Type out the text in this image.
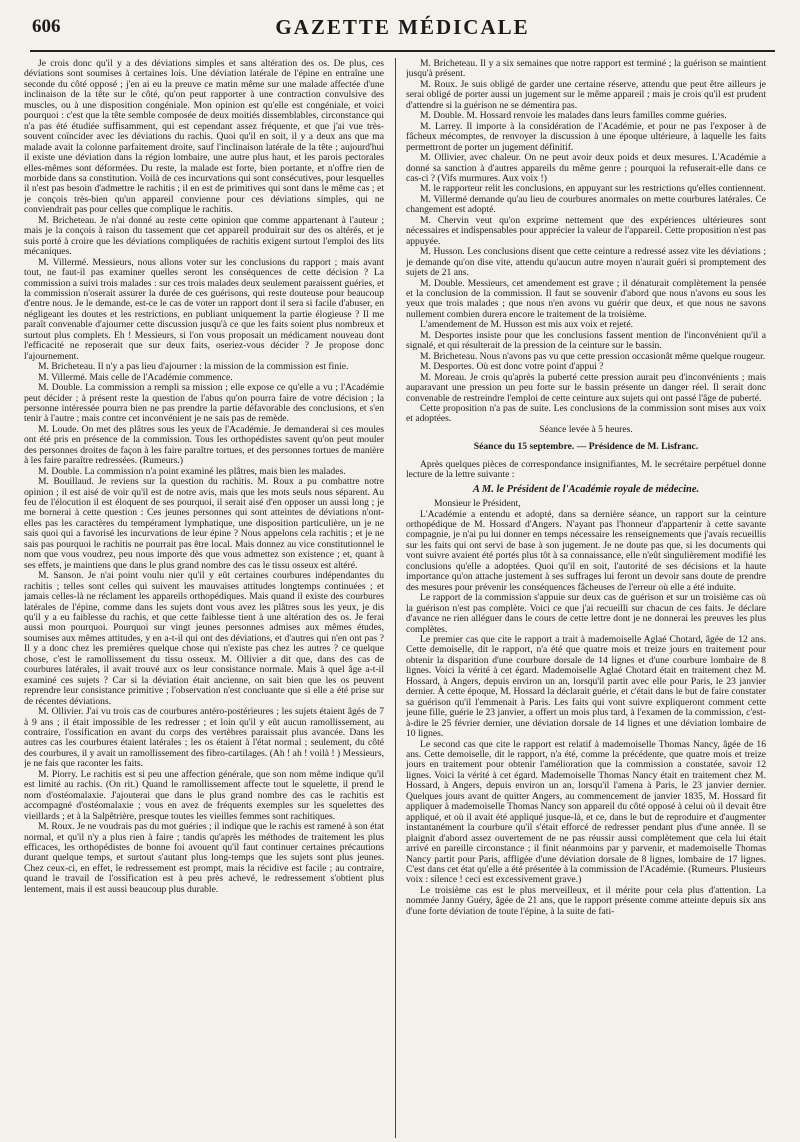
606	GAZETTE MÉDICALE

Je crois donc qu'il y a des déviations simples et sans altération des os. De plus, ces déviations sont soumises à certaines lois. Une déviation latérale de l'épine en entraîne une seconde du côté opposé ; j'en ai eu la preuve ce matin même sur une malade affectée d'une inclinaison de la tête sur le côté, qu'on peut rapporter à une contraction convulsive des muscles, ou à une disposition congéniale. Mon opinion est qu'elle est congéniale, et voici pourquoi : c'est que la tête semble composée de deux moitiés dissemblables, circonstance qui n'a pas été étudiée suffisamment, qui est cependant assez fréquente, et que j'ai vue très-souvent coïncider avec les déviations du rachis. Quoi qu'il en soit, il y a deux ans que ma malade avait la colonne parfaitement droite, sauf l'inclinaison latérale de la tête ; aujourd'hui il existe une déviation dans la région lombaire, une autre plus haut, et les parois pectorales elles-mêmes sont déformées. Du reste, la malade est forte, bien portante, et n'offre rien de morbide dans sa constitution. Voilà de ces incurvations qui sont consécutives, pour lesquelles il n'est pas besoin d'admettre le rachitis ; il en est de primitives qui sont dans le même cas ; et je conçois très-bien qu'un appareil convienne pour ces déviations simples, qui ne conviendrait pas pour celles que complique le rachitis.

M. Bricheteau. Je n'ai donné au reste cette opinion que comme appartenant à l'auteur ; mais je la conçois à raison du tassement que cet appareil produirait sur des os altérés, et je suis porté à croire que les déviations compliquées de rachitis exigent surtout l'emploi des lits mécaniques.

M. Villermé. Messieurs, nous allons voter sur les conclusions du rapport ; mais avant tout, ne faut-il pas examiner quelles seront les conséquences de cette décision ? La commission a suivi trois malades : sur ces trois malades deux seulement paraissent guéries, et la commission n'oserait assurer la durée de ces guérisons, qui reste douteuse pour beaucoup d'entre nous. Je le demande, est-ce le cas de voter un rapport dont il sera si facile d'abuser, en négligeant les doutes et les restrictions, en publiant uniquement la partie élogieuse ? Il me paraît convenable d'ajourner cette discussion jusqu'à ce que les faits soient plus nombreux et surtout plus complets. Eh ! Messieurs, si l'on vous proposait un médicament nouveau dont l'efficacité ne reposerait que sur deux faits, oseriez-vous décider ? Je propose donc l'ajournement.

M. Bricheteau. Il n'y a pas lieu d'ajourner : la mission de la commission est finie.

M. Villermé. Mais celle de l'Académie commence.

M. Double. La commission a rempli sa mission ; elle expose ce qu'elle a vu ; l'Académie peut décider ; à présent reste la question de l'abus qu'on pourra faire de votre décision ; la personne intéressée pourra bien ne pas prendre la partie défavorable des conclusions, et s'en tenir à l'autre ; mais contre cet inconvénient je ne sais pas de remède.

M. Loude. On met des plâtres sous les yeux de l'Académie. Je demanderai si ces moules ont été pris en présence de la commission. Tous les orthopédistes savent qu'on peut mouler des personnes droites de façon à les faire paraître tortues, et des personnes tortues de manière à les faire paraître redressées. (Rumeurs.)

M. Double. La commission n'a point examiné les plâtres, mais bien les malades.

M. Bouillaud. Je reviens sur la question du rachitis. M. Roux a pu combattre notre opinion ; il est aisé de voir qu'il est de notre avis, mais que les mots seuls nous séparent. Au feu de l'élocution il est éloquent de ses pourquoi, il serait aisé d'en opposer un aussi long ; je me bornerai à cette question : Ces jeunes personnes qui sont atteintes de déviations n'ont-elles pas les caractères du tempérament lymphatique, une disposition particulière, un je ne sais quoi qui a favorisé les incurvations de leur épine ? Nous appelons cela rachitis ; et je ne sais pas pourquoi le rachitis ne pourrait pas être local. Mais donnez au vice constitutionnel le nom que vous voudrez, peu nous importe dès que vous admettez son existence ; et, quant à ses effets, je maintiens que dans le plus grand nombre des cas le tissu osseux est altéré.

M. Sanson. Je n'ai point voulu nier qu'il y eût certaines courbures indépendantes du rachitis ; telles sont celles qui suivent les mauvaises attitudes longtemps continuées ; et jamais celles-là ne réclament les appareils orthopédiques. Mais quand il existe des courbures latérales de l'épine, comme dans les sujets dont vous avez les plâtres sous les yeux, je dis qu'il y a eu faiblesse du rachis, et que cette faiblesse tient à une altération des os. Je ferai aussi mon pourquoi. Pourquoi sur vingt jeunes personnes admises aux mêmes études, soumises aux mêmes attitudes, y en a-t-il qui ont des déviations, et d'autres qui n'en ont pas ? Il y a donc chez les premières quelque chose qui n'existe pas chez les autres ? ce quelque chose, c'est le ramollissement du tissu osseux. M. Ollivier a dit que, dans des cas de courbures latérales, il avait trouvé aux os leur consistance normale. Mais à quel âge a-t-il examiné ces sujets ? Car si la déviation était ancienne, on sait bien que les os peuvent reprendre leur consistance primitive ; l'observation n'est concluante que si elle a été prise sur de récentes déviations.

M. Ollivier. J'ai vu trois cas de courbures antéro-postérieures ; les sujets étaient âgés de 7 à 9 ans ; il était impossible de les redresser ; et loin qu'il y eût aucun ramollissement, au contraire, l'ossification en avant du corps des vertèbres paraissait plus avancée. Dans les autres cas les courbures étaient latérales ; les os étaient à l'état normal ; seulement, du côté des courbures, il y avait un ramollissement des fibro-cartilages. (Ah ! ah ! voilà ! ) Messieurs, je ne fais que raconter les faits.

M. Piorry. Le rachitis est si peu une affection générale, que son nom même indique qu'il est limité au rachis. (On rit.) Quand le ramollissement affecte tout le squelette, il prend le nom d'ostéomalaxie. J'ajouterai que dans le plus grand nombre des cas le rachitis est accompagné d'ostéomalaxie ; vous en avez de fréquents exemples sur les squelettes des vieillards ; et à la Salpêtrière, presque toutes les vieilles femmes sont rachitiques.

M. Roux. Je ne voudrais pas du mot guéries ; il indique que le rachis est ramené à son état normal, et qu'il n'y a plus rien à faire ; tandis qu'après les méthodes de traitement les plus efficaces, les orthopédistes de bonne foi avouent qu'il faut continuer certaines précautions durant quelque temps, et surtout s'autant plus long-temps que les sujets sont plus jeunes. Chez ceux-ci, en effet, le redressement est prompt, mais la récidive est facile ; au contraire, quand le travail de l'ossification est à peu près achevé, le redressement s'obtient plus lentement, mais il est aussi beaucoup plus durable.

M. Bricheteau. Il y a six semaines que notre rapport est terminé ; la guérison se maintient jusqu'à présent.

M. Roux. Je suis obligé de garder une certaine réserve, attendu que peut être ailleurs je serai obligé de porter aussi un jugement sur le même appareil ; mais je crois qu'il est prudent d'attendre si la guérison ne se démentira pas.

M. Double. M. Hossard renvoie les malades dans leurs familles comme guéries.

M. Larrey. Il importe à la considération de l'Académie, et pour ne pas l'exposer à de fâcheux mécomptes, de renvoyer la discussion à une époque ultérieure, à laquelle les faits permettront de porter un jugement définitif.

M. Ollivier, avec chaleur. On ne peut avoir deux poids et deux mesures. L'Académie a donné sa sanction à d'autres appareils du même genre ; pourquoi la refuserait-elle dans ce cas-ci ? (Vifs murmures. Aux voix !)

M. le rapporteur relit les conclusions, en appuyant sur les restrictions qu'elles contiennent.

M. Villermé demande qu'au lieu de courbures anormales on mette courbures latérales. Ce changement est adopté.

M. Chervin veut qu'on exprime nettement que des expériences ultérieures sont nécessaires et indispensables pour apprécier la valeur de l'appareil. Cette proposition n'est pas appuyée.

M. Husson. Les conclusions disent que cette ceinture a redressé assez vite les déviations ; je demande qu'on dise vite, attendu qu'aucun autre moyen n'aurait guéri si promptement des sujets de 21 ans.

M. Double. Messieurs, cet amendement est grave ; il dénaturait complètement la pensée et la conclusion de la commission. Il faut se souvenir d'abord que nous n'avons eu sous les yeux que trois malades ; que nous n'en avons vu guérir que deux, et que nous ne savons nullement combien durera encore le traitement de la troisième.

L'amendement de M. Husson est mis aux voix et rejeté.

M. Desportes insiste pour que les conclusions fassent mention de l'inconvénient qu'il a signalé, et qui résulterait de la pression de la ceinture sur le bassin.

M. Bricheteau. Nous n'avons pas vu que cette pression occasionât même quelque rougeur.

M. Desportes. Où est donc votre point d'appui ?

M. Moreau. Je crois qu'après la puberté cette pression aurait peu d'inconvénients ; mais auparavant une pression un peu forte sur le bassin présente un danger réel. Il serait donc convenable de restreindre l'emploi de cette ceinture aux sujets qui ont passé l'âge de puberté.

Cette proposition n'a pas de suite. Les conclusions de la commission sont mises aux voix et adoptées.

Séance levée à 5 heures.

Séance du 15 septembre. — Présidence de M. Lisfranc.

Après quelques pièces de correspondance insignifiantes, M. le secrétaire perpétuel donne lecture de la lettre suivante :

A M. le Président de l'Académie royale de médecine.

Monsieur le Président,

L'Académie a entendu et adopté, dans sa dernière séance, un rapport sur la ceinture orthopédique de M. Hossard d'Angers. N'ayant pas l'honneur d'appartenir à cette savante compagnie, je n'ai pu lui donner en temps nécessaire les renseignements que j'avais recueillis sur les faits qui ont servi de base à son jugement. Je ne doute pas que, si les documents qui vont suivre avaient été portés plus tôt à sa connaissance, elle n'eût singulièrement modifié les conclusions qu'elle a adoptées. Quoi qu'il en soit, l'autorité de ses décisions et la haute importance qu'on attache justement à ses suffrages lui feront un devoir sans doute de prendre des mesures pour prévenir les conséquences fâcheuses de l'erreur où elle a été induite.

Le rapport de la commission s'appuie sur deux cas de guérison et sur un troisième cas où la guérison n'est pas complète. Voici ce que j'ai recueilli sur chacun de ces faits. Je déclare d'avance ne rien alléguer dans le cours de cette lettre dont je ne donnerai les preuves les plus complètes.

Le premier cas que cite le rapport a trait à mademoiselle Aglaé Chotard, âgée de 12 ans. Cette demoiselle, dit le rapport, n'a été que quatre mois et treize jours en traitement pour obtenir la disparition d'une courbure dorsale de 14 lignes et d'une courbure lombaire de 8 lignes. Voici la vérité à cet égard. Mademoiselle Aglaé Chotard était en traitement chez M. Hossard, à Angers, depuis environ un an, lorsqu'il partit avec elle pour Paris, le 23 janvier dernier. À cette époque, M. Hossard la déclarait guérie, et c'était dans le but de faire constater sa guérison qu'il l'emmenait à Paris. Les faits qui vont suivre expliqueront comment cette jeune fille, guérie le 23 janvier, a offert un mois plus tard, à l'examen de la commission, c'est-à-dire le 25 février dernier, une déviation dorsale de 14 lignes et une déviation lombaire de 10 lignes.

Le second cas que cite le rapport est relatif à mademoiselle Thomas Nancy, âgée de 16 ans. Cette demoiselle, dit le rapport, n'a été, comme la précédente, que quatre mois et treize jours en traitement pour obtenir l'amélioration que la commission a constatée, savoir 12 lignes. Voici la vérité à cet égard. Mademoiselle Thomas Nancy était en traitement chez M. Hossard, à Angers, depuis environ un an, lorsqu'il l'amena à Paris, le 23 janvier dernier. Quelques jours avant de quitter Angers, au commencement de janvier 1835, M. Hossard fit appliquer à mademoiselle Thomas Nancy son appareil du côté opposé à celui où il devait être appliqué, et où il avait été appliqué jusque-là, et ce, dans le but de reproduire et d'augmenter instantanément la courbure qu'il s'était efforcé de redresser pendant plus d'une année. Il se plaignit d'abord assez ouvertement de ne pas réussir aussi complètement que cela lui était arrivé en pareille circonstance ; il finit néanmoins par y parvenir, et mademoiselle Thomas Nancy partit pour Paris, affligée d'une déviation dorsale de 8 lignes, lombaire de 17 lignes. C'est dans cet état qu'elle a été présentée à la commission de l'Académie. (Rumeurs. Plusieurs voix : silence ! ceci est excessivement grave.)

Le troisième cas est le plus merveilleux, et il mérite pour cela plus d'attention. La nommée Janny Guéry, âgée de 21 ans, que le rapport présente comme atteinte depuis six ans d'une forte déviation de toute l'épine, à la suite de fati-
